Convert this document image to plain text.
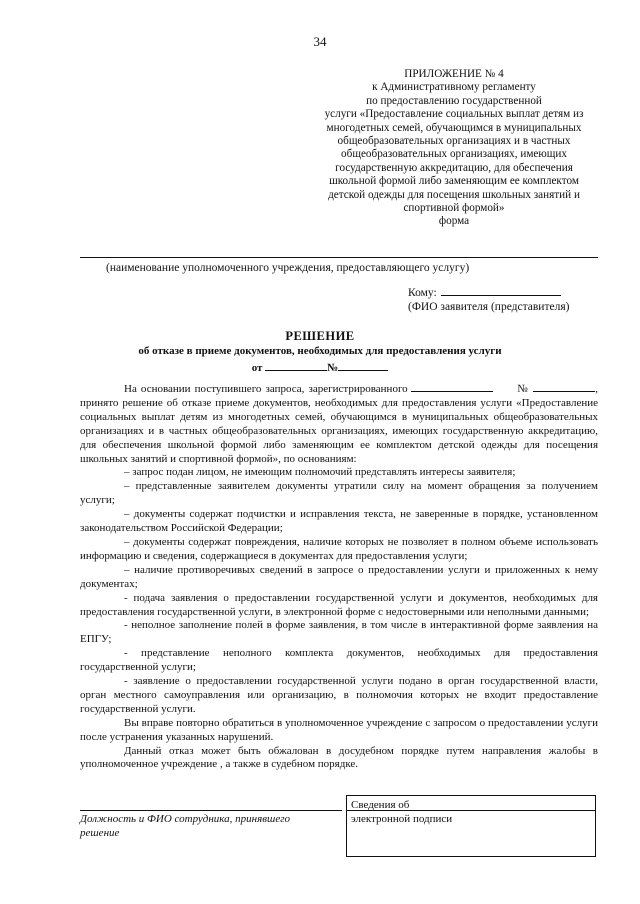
34
ПРИЛОЖЕНИЕ № 4
к Административному регламенту
по предоставлению государственной
услуги «Предоставление социальных выплат детям из
многодетных семей, обучающимся в муниципальных
общеобразовательных организациях и в частных
общеобразовательных организациях, имеющих
государственную аккредитацию, для обеспечения
школьной формой либо заменяющим ее комплектом
детской одежды для посещения школьных занятий и
спортивной формой»
форма
(наименование уполномоченного учреждения, предоставляющего услугу)
Кому:
(ФИО заявителя (представителя)
РЕШЕНИЕ
об отказе в приеме документов, необходимых для предоставления услуги
от	№

На основании поступившего запроса, зарегистрированного	№	, принято решение об отказе приеме документов, необходимых для предоставления услуги «Предоставление социальных выплат детям из многодетных семей, обучающимся в муниципальных общеобразовательных организациях и в частных общеобразовательных организациях, имеющих государственную аккредитацию, для обеспечения школьной формой либо заменяющим ее комплектом детской одежды для посещения школьных занятий и спортивной формой», по основаниям:

– запрос подан лицом, не имеющим полномочий представлять интересы заявителя;

– представленные заявителем документы утратили силу на момент обращения за получением услуги;

– документы содержат подчистки и исправления текста, не заверенные в порядке, установленном законодательством Российской Федерации;

– документы содержат повреждения, наличие которых не позволяет в полном объеме использовать информацию и сведения, содержащиеся в документах для предоставления услуги;

– наличие противоречивых сведений в запросе о предоставлении услуги и приложенных к нему документах;

- подача заявления о предоставлении государственной услуги и документов, необходимых для предоставления государственной услуги, в электронной форме с недостоверными или неполными данными;

- неполное заполнение полей в форме заявления, в том числе в интерактивной форме заявления на ЕПГУ;

- представление неполного комплекта документов, необходимых для предоставления государственной услуги;

- заявление о предоставлении государственной услуги подано в орган государственной власти, орган местного самоуправления или организацию, в полномочия которых не входит предоставление государственной услуги.

Вы вправе повторно обратиться в уполномоченное учреждение с запросом о предоставлении услуги после устранения указанных нарушений.

Данный отказ может быть обжалован в досудебном порядке путем направления жалобы в уполномоченное учреждение , а также в судебном порядке.

Должность и ФИО сотрудника, принявшего
решение
Сведения об
электронной подписи
